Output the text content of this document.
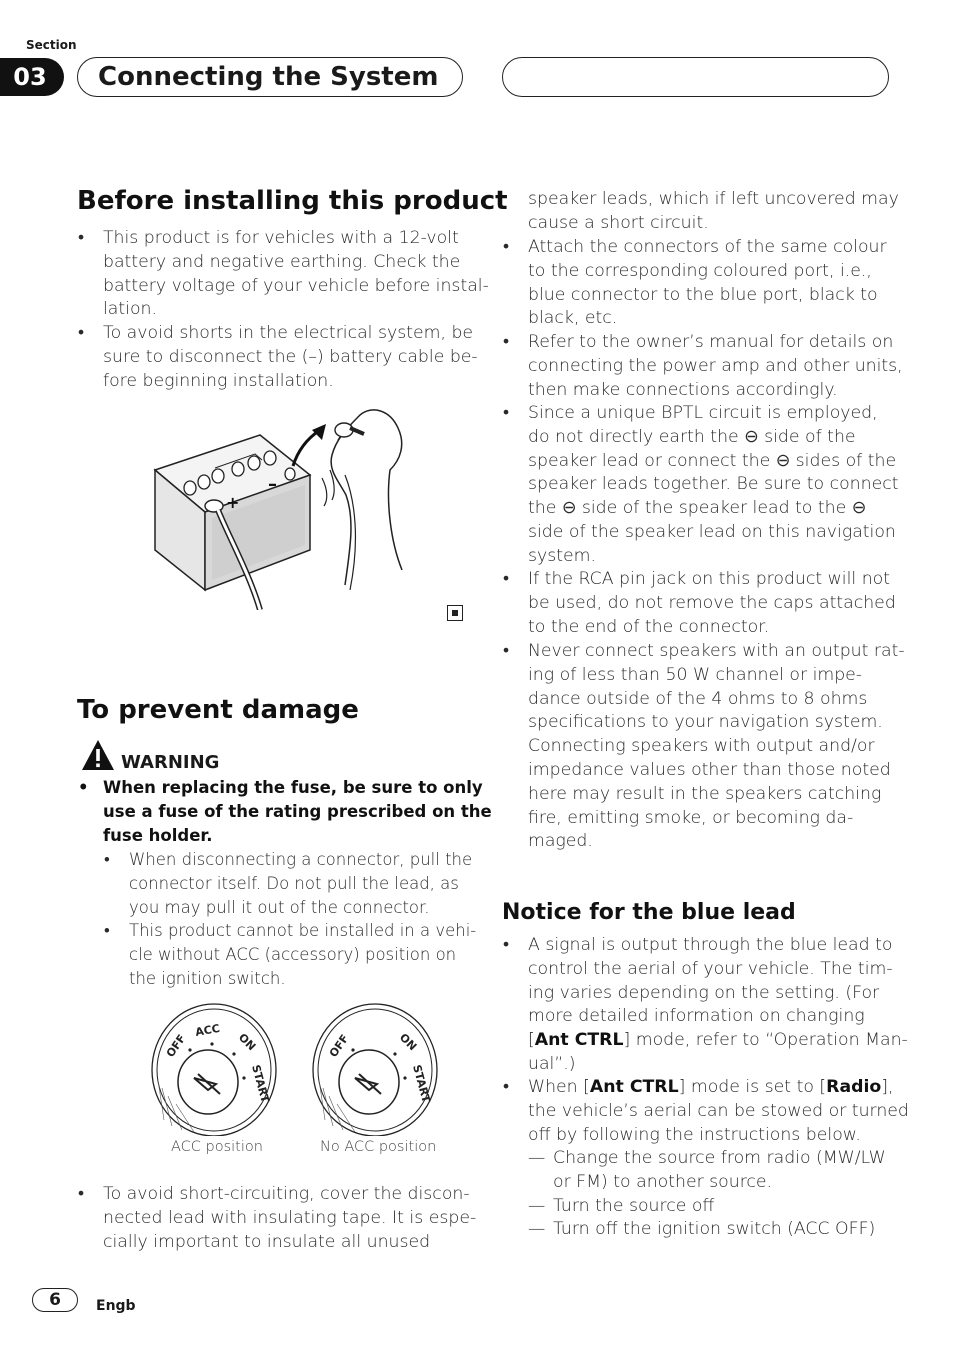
Section
03	Connecting the System
Before installing this product
• This product is for vehicles with a 12-volt
battery and negative earthing. Check the
battery voltage of your vehicle before instal-
lation.
• To avoid shorts in the electrical system, be
sure to disconnect the (–) battery cable be-
fore beginning installation.
+
–
To prevent damage
WARNING
• When replacing the fuse, be sure to only
use a fuse of the rating prescribed on the
fuse holder.
• When disconnecting a connector, pull the
connector itself. Do not pull the lead, as
you may pull it out of the connector.
• This product cannot be installed in a vehi-
cle without ACC (accessory) position on
the ignition switch.
OFF
ACC
ON
START
OFF	ON
START
ACC position	No ACC position
• To avoid short-circuiting, cover the discon-
nected lead with insulating tape. It is espe-
cially important to insulate all unused
speaker leads, which if left uncovered may
cause a short circuit.
• Attach the connectors of the same colour
to the corresponding coloured port, i.e.,
blue connector to the blue port, black to
black, etc.
• Refer to the owner’s manual for details on
connecting the power amp and other units,
then make connections accordingly.
• Since a unique BPTL circuit is employed,
do not directly earth the ⊖ side of the
speaker lead or connect the ⊖ sides of the
speaker leads together. Be sure to connect
the ⊖ side of the speaker lead to the ⊖
side of the speaker lead on this navigation
system.
• If the RCA pin jack on this product will not
be used, do not remove the caps attached
to the end of the connector.
• Never connect speakers with an output rat-
ing of less than 50 W channel or impe-
dance outside of the 4 ohms to 8 ohms
specifications to your navigation system.
Connecting speakers with output and/or
impedance values other than those noted
here may result in the speakers catching
fire, emitting smoke, or becoming da-
maged.
Notice for the blue lead
• A signal is output through the blue lead to
control the aerial of your vehicle. The tim-
ing varies depending on the setting. (For
more detailed information on changing
[Ant CTRL] mode, refer to “Operation Man-
ual”.)
• When [Ant CTRL] mode is set to [Radio],
the vehicle’s aerial can be stowed or turned
off by following the instructions below.
— Change the source from radio (MW/LW
or FM) to another source.
— Turn the source off
— Turn off the ignition switch (ACC OFF)
6	Engb
